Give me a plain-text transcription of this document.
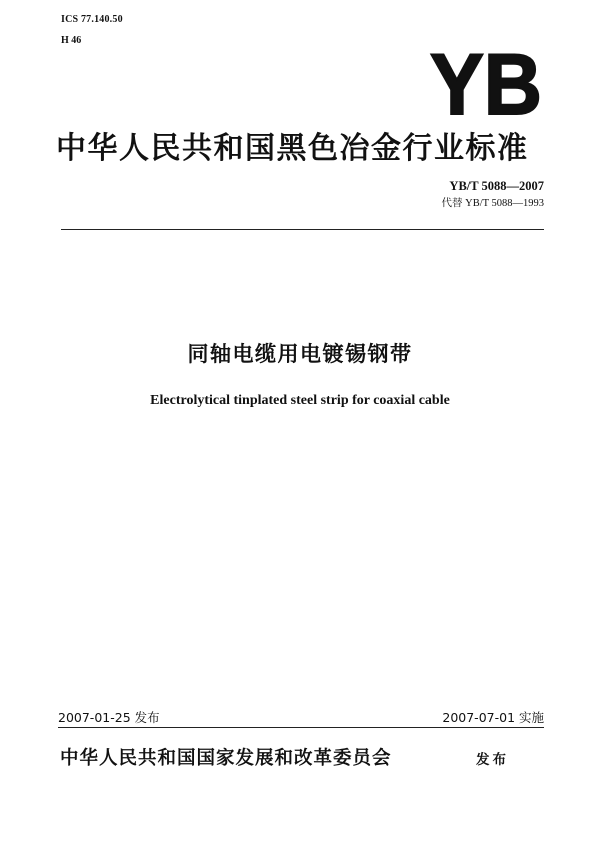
ICS 77.140.50
H 46	YB
中华人民共和国黑色冶金行业标准
YB/T 5088—2007
代替 YB/T 5088—1993
同轴电缆用电镀锡钢带
Electrolytical tinplated steel strip for coaxial cable
2007-01-25 发布	2007-07-01 实施
中华人民共和国国家发展和改革委员会	发布
